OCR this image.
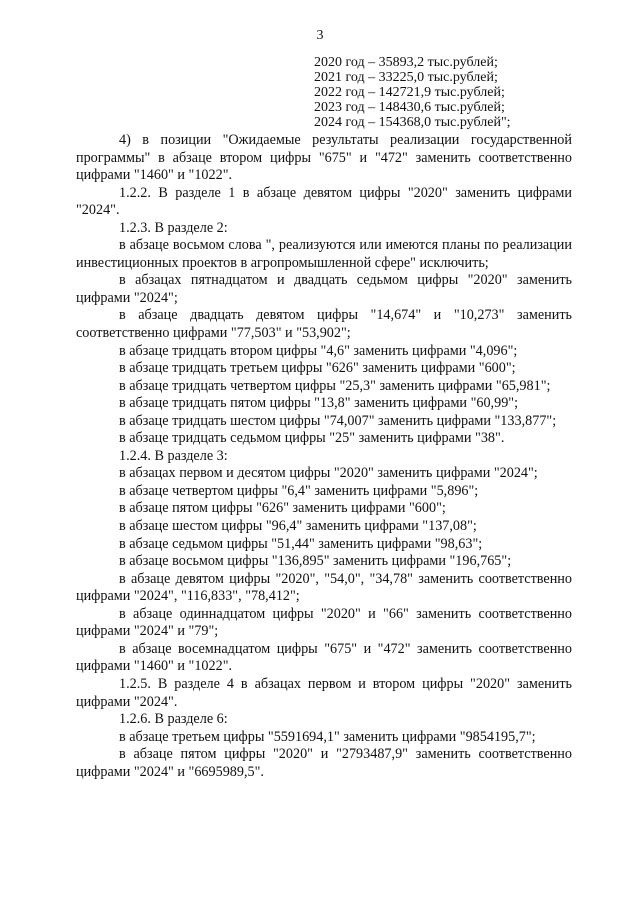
3
2020 год – 35893,2 тыс.рублей;
2021 год – 33225,0 тыс.рублей;
2022 год – 142721,9 тыс.рублей;
2023 год – 148430,6 тыс.рублей;
2024 год – 154368,0 тыс.рублей";

4) в позиции "Ожидаемые результаты реализации государственной программы" в абзаце втором цифры "675" и "472" заменить соответственно цифрами "1460" и "1022".

1.2.2. В разделе 1 в абзаце девятом цифры "2020" заменить цифрами "2024".

1.2.3. В разделе 2:

в абзаце восьмом слова ", реализуются или имеются планы по реализации инвестиционных проектов в агропромышленной сфере" исключить;

в абзацах пятнадцатом и двадцать седьмом цифры "2020" заменить цифрами "2024";

в абзаце двадцать девятом цифры "14,674" и "10,273" заменить соответственно цифрами "77,503" и "53,902";

в абзаце тридцать втором цифры "4,6" заменить цифрами "4,096";

в абзаце тридцать третьем цифры "626" заменить цифрами "600";

в абзаце тридцать четвертом цифры "25,3" заменить цифрами "65,981";

в абзаце тридцать пятом цифры "13,8" заменить цифрами "60,99";

в абзаце тридцать шестом цифры "74,007" заменить цифрами "133,877";

в абзаце тридцать седьмом цифры "25" заменить цифрами "38".

1.2.4. В разделе 3:

в абзацах первом и десятом цифры "2020" заменить цифрами "2024";

в абзаце четвертом цифры "6,4" заменить цифрами "5,896";

в абзаце пятом цифры "626" заменить цифрами "600";

в абзаце шестом цифры "96,4" заменить цифрами "137,08";

в абзаце седьмом цифры "51,44" заменить цифрами "98,63";

в абзаце восьмом цифры "136,895" заменить цифрами "196,765";

в абзаце девятом цифры "2020", "54,0", "34,78" заменить соответственно цифрами "2024", "116,833", "78,412";

в абзаце одиннадцатом цифры "2020" и "66" заменить соответственно цифрами "2024" и "79";

в абзаце восемнадцатом цифры "675" и "472" заменить соответственно цифрами "1460" и "1022".

1.2.5. В разделе 4 в абзацах первом и втором цифры "2020" заменить цифрами "2024".

1.2.6. В разделе 6:

в абзаце третьем цифры "5591694,1" заменить цифрами "9854195,7";

в абзаце пятом цифры "2020" и "2793487,9" заменить соответственно цифрами "2024" и "6695989,5".
